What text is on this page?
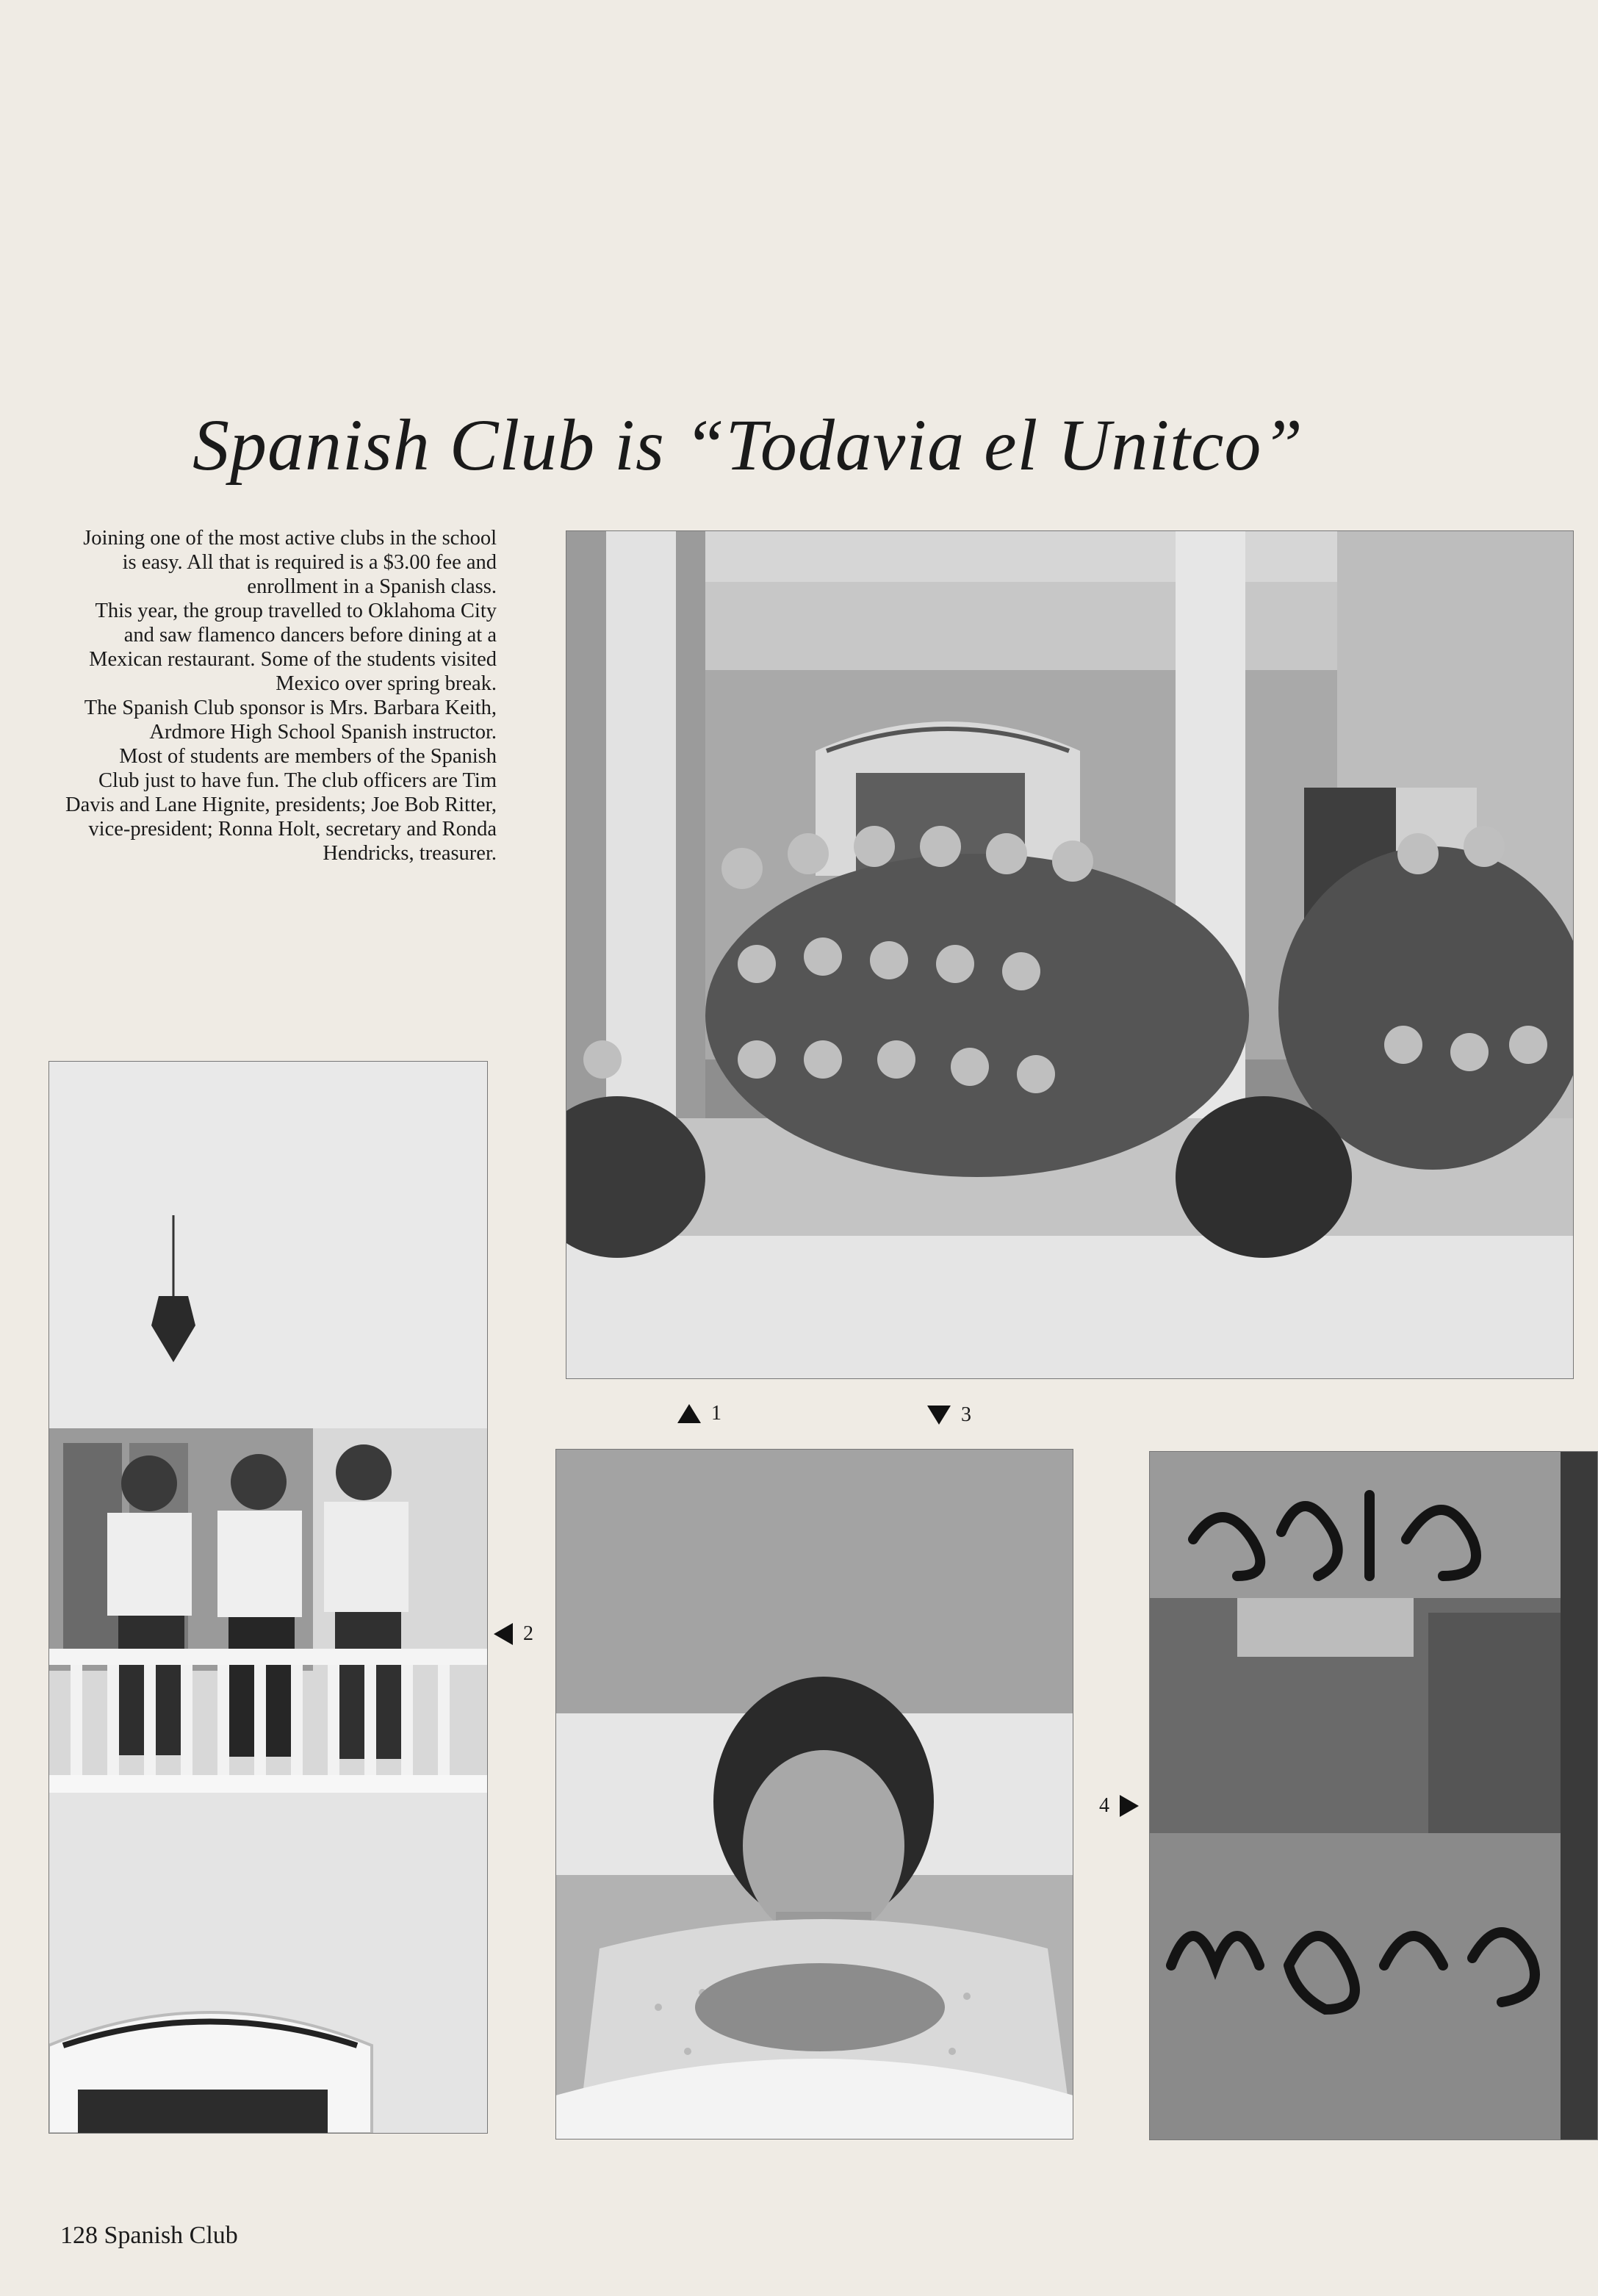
Spanish Club is “Todavia el Unitco”

Joining one of the most active clubs in the school is easy. All that is required is a $3.00 fee and enrollment in a Spanish class.

This year, the group travelled to Oklahoma City and saw flamenco dancers before dining at a Mexican restaurant. Some of the students visited Mexico over spring break.

The Spanish Club sponsor is Mrs. Barbara Keith, Ardmore High School Spanish instructor.

Most of students are members of the Spanish Club just to have fun. The club officers are Tim Davis and Lane Hignite, presidents; Joe Bob Ritter, vice-president; Ronna Holt, secretary and Ronda Hendricks, treasurer.

1	3
2
4

128 Spanish Club
